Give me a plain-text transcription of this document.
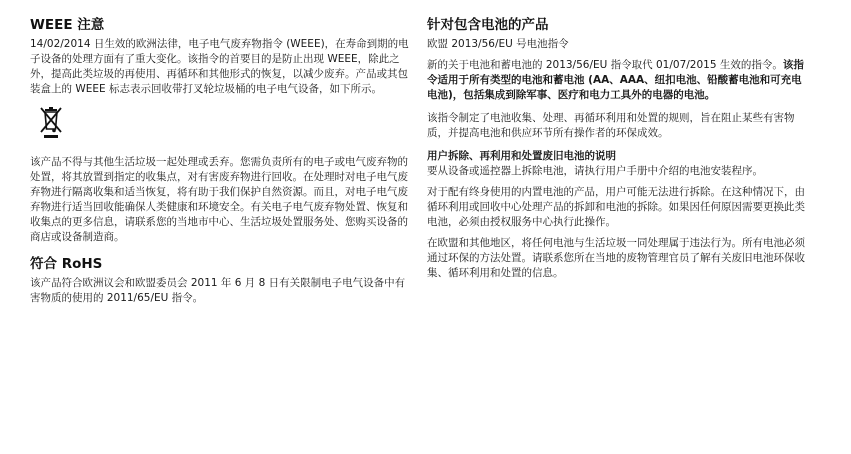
WEEE 注意

14/02/2014 日生效的欧洲法律，电子电气废弃物指令 (WEEE)，在寿命到期的电子设备的处理方面有了重大变化。该指令的首要目的是防止出现 WEEE，除此之外，提高此类垃圾的再使用、再循环和其他形式的恢复，以减少废弃。产品或其包装盒上的 WEEE 标志表示回收带打叉轮垃圾桶的电子电气设备，如下所示。

该产品不得与其他生活垃圾一起处理或丢弃。您需负责所有的电子或电气废弃物的处置，将其放置到指定的收集点，对有害废弃物进行回收。在处理时对电子电气废弃物进行隔离收集和适当恢复，将有助于我们保护自然资源。而且，对电子电气废弃物进行适当回收能确保人类健康和环境安全。有关电子电气废弃物处置、恢复和收集点的更多信息，请联系您的当地市中心、生活垃圾处置服务处、您购买设备的商店或设备制造商。

符合 RoHS

该产品符合欧洲议会和欧盟委员会 2011 年 6 月 8 日有关限制电子电气设备中有害物质的使用的 2011/65/EU 指令。

针对包含电池的产品

欧盟 2013/56/EU 号电池指令

新的关于电池和蓄电池的 2013/56/EU 指令取代 01/07/2015 生效的指令。该指令适用于所有类型的电池和蓄电池 (AA、AAA、纽扣电池、铅酸蓄电池和可充电电池)，包括集成到除军事、医疗和电力工具外的电器的电池。

该指令制定了电池收集、处理、再循环利用和处置的规则，旨在阻止某些有害物质，并提高电池和供应环节所有操作者的环保成效。

用户拆除、再利用和处置废旧电池的说明

要从设备或遥控器上拆除电池，请执行用户手册中介绍的电池安装程序。

对于配有终身使用的内置电池的产品，用户可能无法进行拆除。在这种情况下，由循环利用或回收中心处理产品的拆卸和电池的拆除。如果因任何原因需要更换此类电池，必须由授权服务中心执行此操作。

在欧盟和其他地区，将任何电池与生活垃圾一同处理属于违法行为。所有电池必须通过环保的方法处置。请联系您所在当地的废物管理官员了解有关废旧电池环保收集、循环利用和处置的信息。
